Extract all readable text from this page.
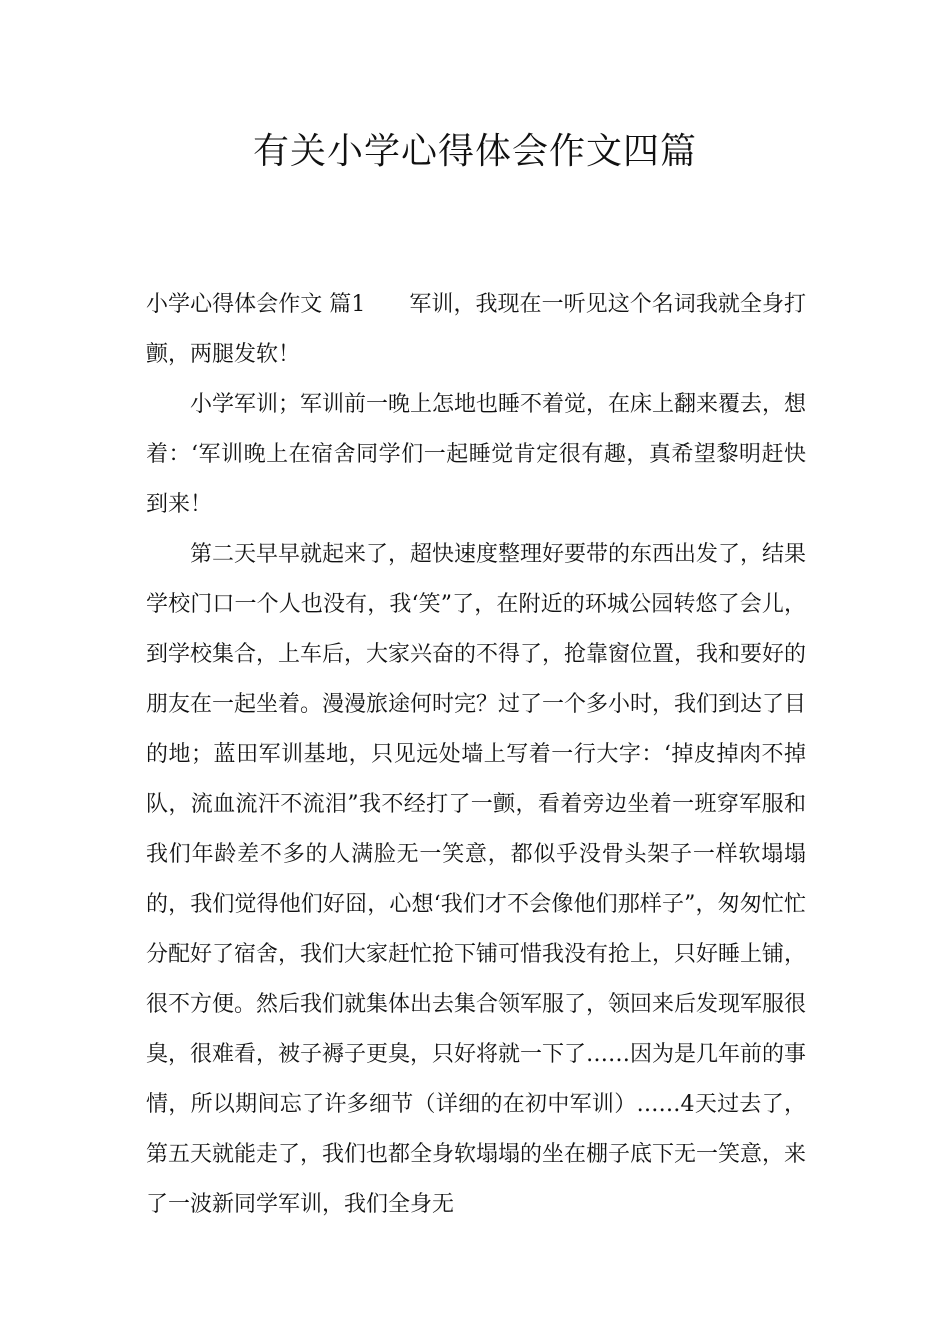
有关小学心得体会作文四篇

小学心得体会作文 篇1 军训，我现在一听见这个名词我就全身打颤，两腿发软！

小学军训；军训前一晚上怎地也睡不着觉，在床上翻来覆去，想着：‘军训晚上在宿舍同学们一起睡觉肯定很有趣，真希望黎明赶快到来！

第二天早早就起来了，超快速度整理好要带的东西出发了，结果学校门口一个人也没有，我‘笑”了，在附近的环城公园转悠了会儿，到学校集合，上车后，大家兴奋的不得了，抢靠窗位置，我和要好的朋友在一起坐着。漫漫旅途何时完？过了一个多小时，我们到达了目的地；蓝田军训基地，只见远处墙上写着一行大字：‘掉皮掉肉不掉队，流血流汗不流泪”我不经打了一颤，看着旁边坐着一班穿军服和我们年龄差不多的人满脸无一笑意，都似乎没骨头架子一样软塌塌的，我们觉得他们好囧，心想‘我们才不会像他们那样子”，匆匆忙忙分配好了宿舍，我们大家赶忙抢下铺可惜我没有抢上，只好睡上铺，很不方便。然后我们就集体出去集合领军服了，领回来后发现军服很臭，很难看，被子褥子更臭，只好将就一下了……因为是几年前的事情，所以期间忘了许多细节（详细的在初中军训）……4天过去了，第五天就能走了，我们也都全身软塌塌的坐在棚子底下无一笑意，来了一波新同学军训，我们全身无
